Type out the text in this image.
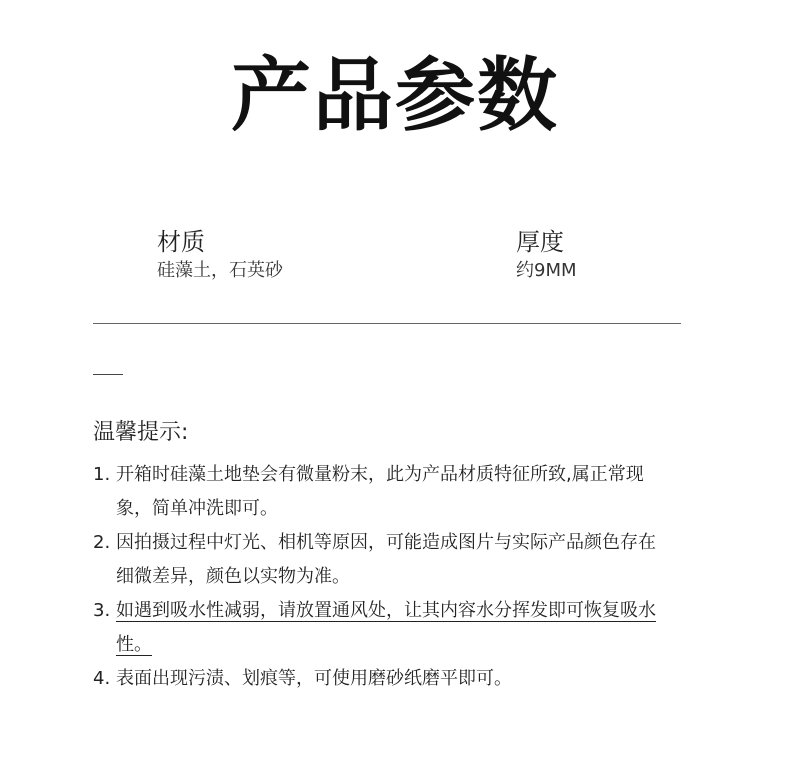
产品参数
材质
硅藻土，石英砂
厚度
约9MM
温馨提示:
1. 开箱时硅藻土地垫会有微量粉末，此为产品材质特征所致,属正常现象，简单冲洗即可。
2. 因拍摄过程中灯光、相机等原因，可能造成图片与实际产品颜色存在细微差异，颜色以实物为准。
3. 如遇到吸水性减弱，请放置通风处，让其内容水分挥发即可恢复吸水性。
4. 表面出现污渍、划痕等，可使用磨砂纸磨平即可。
